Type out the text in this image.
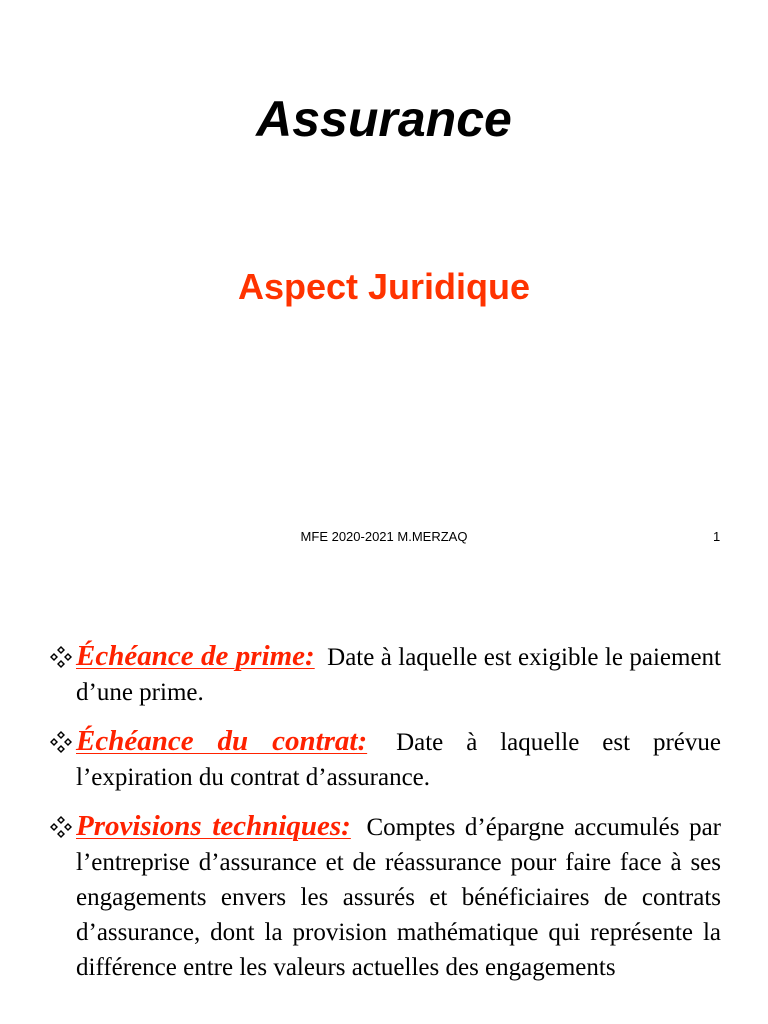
Assurance
Aspect Juridique
MFE 2020-2021 M.MERZAQ	1
Échéance de prime: Date à laquelle est exigible le paiement d’une prime.
Échéance du contrat: Date à laquelle est prévue l’expiration du contrat d’assurance.
Provisions techniques: Comptes d’épargne accumulés par l’entreprise d’assurance et de réassurance pour faire face à ses engagements envers les assurés et bénéficiaires de contrats d’assurance, dont la provision mathématique qui représente la différence entre les valeurs actuelles des engagements
